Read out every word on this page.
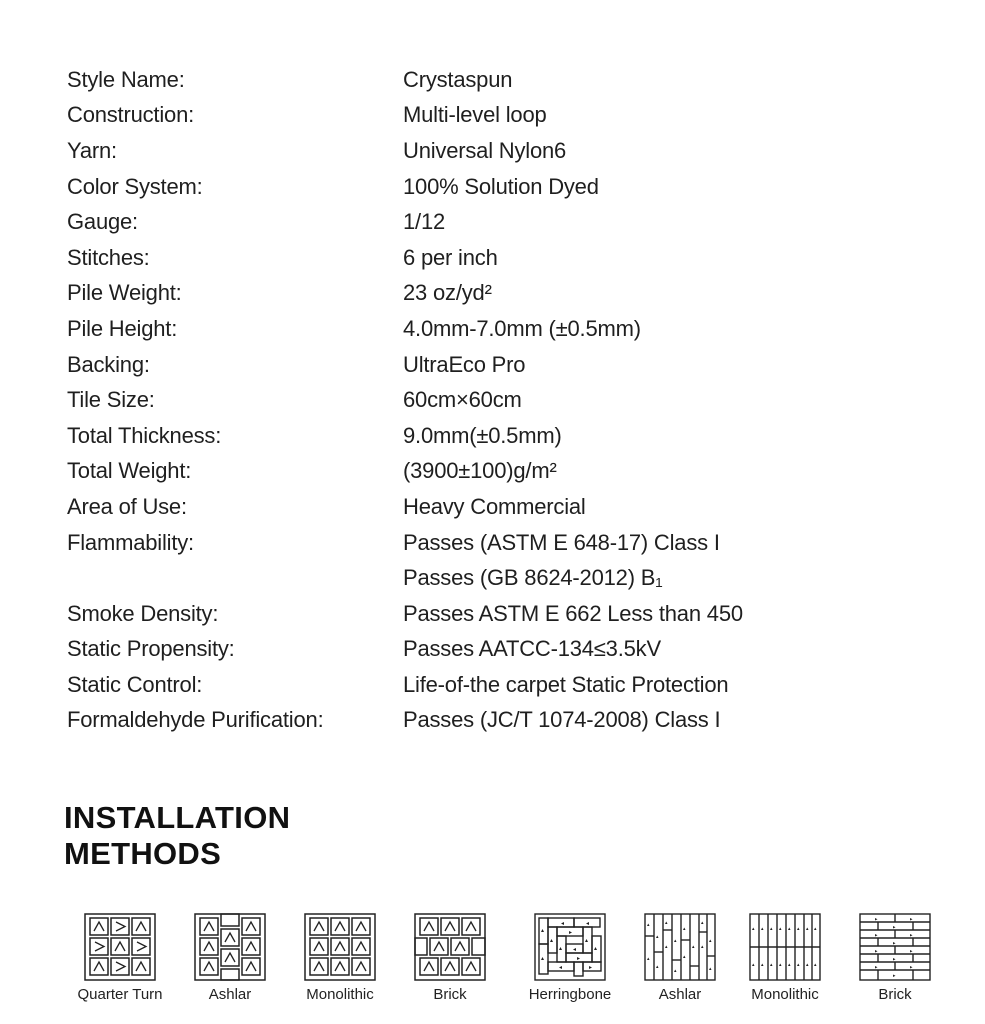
Style Name:	Crystaspun
Construction:	Multi-level loop
Yarn:	Universal Nylon6
Color System:	100% Solution Dyed
Gauge:	1/12
Stitches:	6 per inch
Pile Weight:	23 oz/yd²
Pile Height:	4.0mm-7.0mm (±0.5mm)
Backing:	UltraEco Pro
Tile Size:	60cm×60cm
Total Thickness:	9.0mm(±0.5mm)
Total Weight:	(3900±100)g/m²
Area of Use:	Heavy Commercial
Flammability:	Passes (ASTM E 648-17) Class I
Passes (GB 8624-2012) B₁
Smoke Density:	Passes ASTM E 662 Less than 450
Static Propensity:	Passes AATCC-134≤3.5kV
Static Control:	Life-of-the carpet Static Protection
Formaldehyde Purification:	Passes (JC/T 1074-2008) Class I
INSTALLATION
METHODS
Quarter Turn	Ashlar	Monolithic	Brick
▴
◂	◂
▴
▸
▴
▴
▴ ◂	▴
▸
◂	▸
Herringbone
▴
▴
▴
▴
▴
▴
▴
▴
▴
▴
▴
▴
▴
▴
▴
Ashlar
▴ ▴ ▴ ▴ ▴ ▴ ▴ ▴
▴ ▴ ▴ ▴ ▴ ▴ ▴ ▴
Monolithic
▸	▸
▸
▸	▸
▸
▸	▸
▸
▸	▸
▸
Brick
